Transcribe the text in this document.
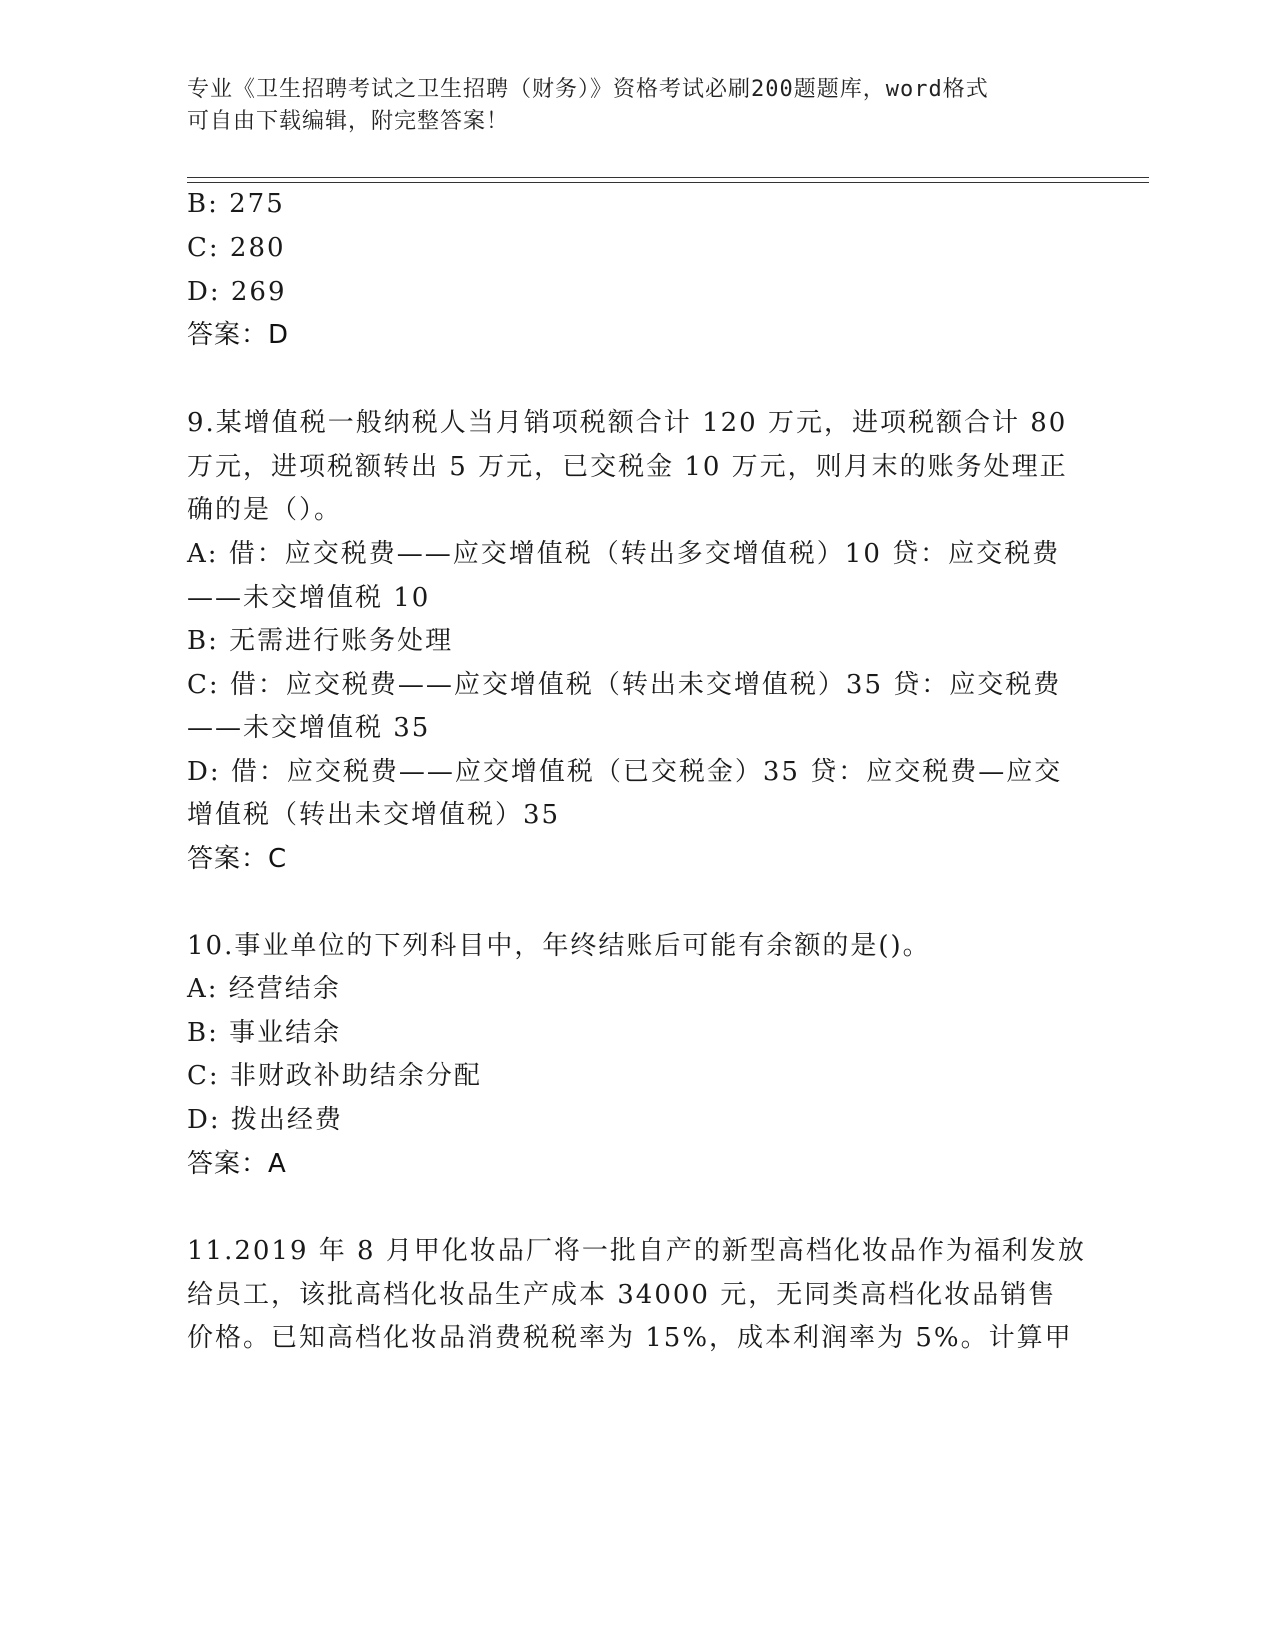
专业《卫生招聘考试之卫生招聘（财务）》资格考试必刷200题题库，word格式
可自由下载编辑，附完整答案！
B: 275
C: 280
D: 269
答案：D
9.某增值税一般纳税人当月销项税额合计 120 万元，进项税额合计 80
万元，进项税额转出 5 万元，已交税金 10 万元，则月末的账务处理正
确的是（）。
A: 借：应交税费——应交增值税（转出多交增值税）10 贷：应交税费
——未交增值税 10
B: 无需进行账务处理
C: 借：应交税费——应交增值税（转出未交增值税）35 贷：应交税费
——未交增值税 35
D: 借：应交税费——应交增值税（已交税金）35 贷：应交税费—应交
增值税（转出未交增值税）35
答案：C
10.事业单位的下列科目中，年终结账后可能有余额的是()。
A: 经营结余
B: 事业结余
C: 非财政补助结余分配
D: 拨出经费
答案：A
11.2019 年 8 月甲化妆品厂将一批自产的新型高档化妆品作为福利发放
给员工，该批高档化妆品生产成本 34000 元，无同类高档化妆品销售
价格。已知高档化妆品消费税税率为 15%，成本利润率为 5%。计算甲
